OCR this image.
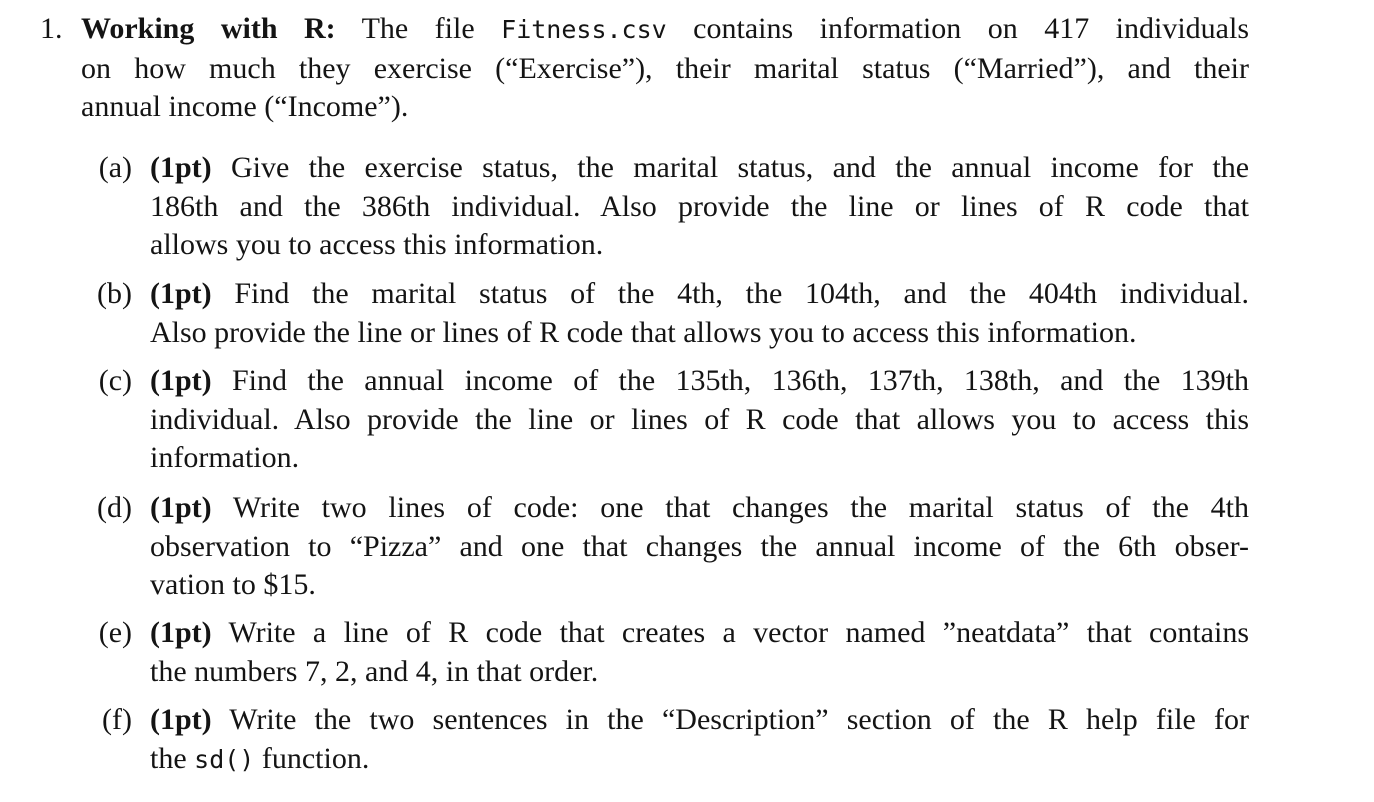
1. Working with R: The file Fitness.csv contains information on 417 individuals
on how much they exercise (“Exercise”), their marital status (“Married”), and their
annual income (“Income”).
(a) (1pt) Give the exercise status, the marital status, and the annual income for the
186th and the 386th individual. Also provide the line or lines of R code that
allows you to access this information.
(b) (1pt) Find the marital status of the 4th, the 104th, and the 404th individual.
Also provide the line or lines of R code that allows you to access this information.
(c) (1pt) Find the annual income of the 135th, 136th, 137th, 138th, and the 139th
individual. Also provide the line or lines of R code that allows you to access this
information.
(d) (1pt) Write two lines of code: one that changes the marital status of the 4th
observation to “Pizza” and one that changes the annual income of the 6th obser-
vation to $15.
(e) (1pt) Write a line of R code that creates a vector named ”neatdata” that contains
the numbers 7, 2, and 4, in that order.
(f) (1pt) Write the two sentences in the “Description” section of the R help file for
the sd() function.
